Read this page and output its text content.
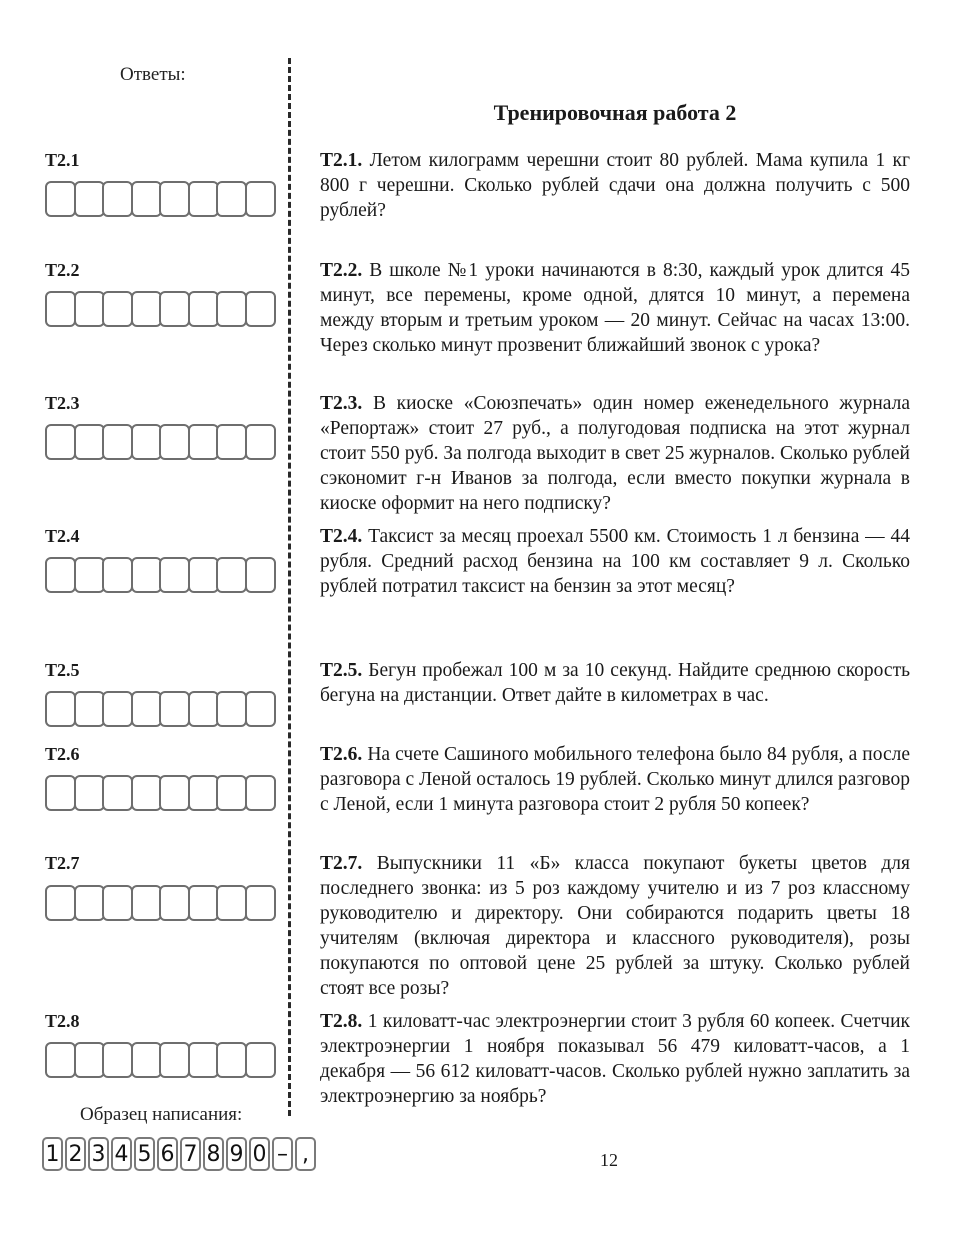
Ответы:
T2.1
T2.2
T2.3
T2.4
T2.5
T2.6
T2.7
T2.8
Образец написания:
1 2 3 4 5 6 7 8 9 0 – ,
Тренировочная работа 2
T2.1. Летом килограмм черешни стоит 80 рублей. Мама купила 1 кг 800 г черешни. Сколько рублей сдачи она должна получить с 500 рублей?
T2.2. В школе №1 уроки начинаются в 8:30, каждый урок длится 45 минут, все перемены, кроме одной, длятся 10 минут, а перемена между вторым и третьим уроком — 20 минут. Сейчас на часах 13:00. Через сколько минут прозвенит ближайший звонок с урока?
T2.3. В киоске «Союзпечать» один номер еженедельного журнала «Репортаж» стоит 27 руб., а полугодовая подписка на этот журнал стоит 550 руб. За полгода выходит в свет 25 журналов. Сколько рублей сэкономит г-н Иванов за полгода, если вместо покупки журнала в киоске оформит на него подписку?
T2.4. Таксист за месяц проехал 5500 км. Стоимость 1 л бензина — 44 рубля. Средний расход бензина на 100 км составляет 9 л. Сколько рублей потратил таксист на бензин за этот месяц?
T2.5. Бегун пробежал 100 м за 10 секунд. Найдите среднюю скорость бегуна на дистанции. Ответ дайте в километрах в час.
T2.6. На счете Сашиного мобильного телефона было 84 рубля, а после разговора с Леной осталось 19 рублей. Сколько минут длился разговор с Леной, если 1 минута разговора стоит 2 рубля 50 копеек?
T2.7. Выпускники 11 «Б» класса покупают букеты цветов для последнего звонка: из 5 роз каждому учителю и из 7 роз классному руководителю и директору. Они собираются подарить цветы 18 учителям (включая директора и классного руководителя), розы покупаются по оптовой цене 25 рублей за штуку. Сколько рублей стоят все розы?
T2.8. 1 киловатт-час электроэнергии стоит 3 рубля 60 копеек. Счетчик электроэнергии 1 ноября показывал 56 479 киловатт-часов, а 1 декабря — 56 612 киловатт-часов. Сколько рублей нужно заплатить за электроэнергию за ноябрь?
12
